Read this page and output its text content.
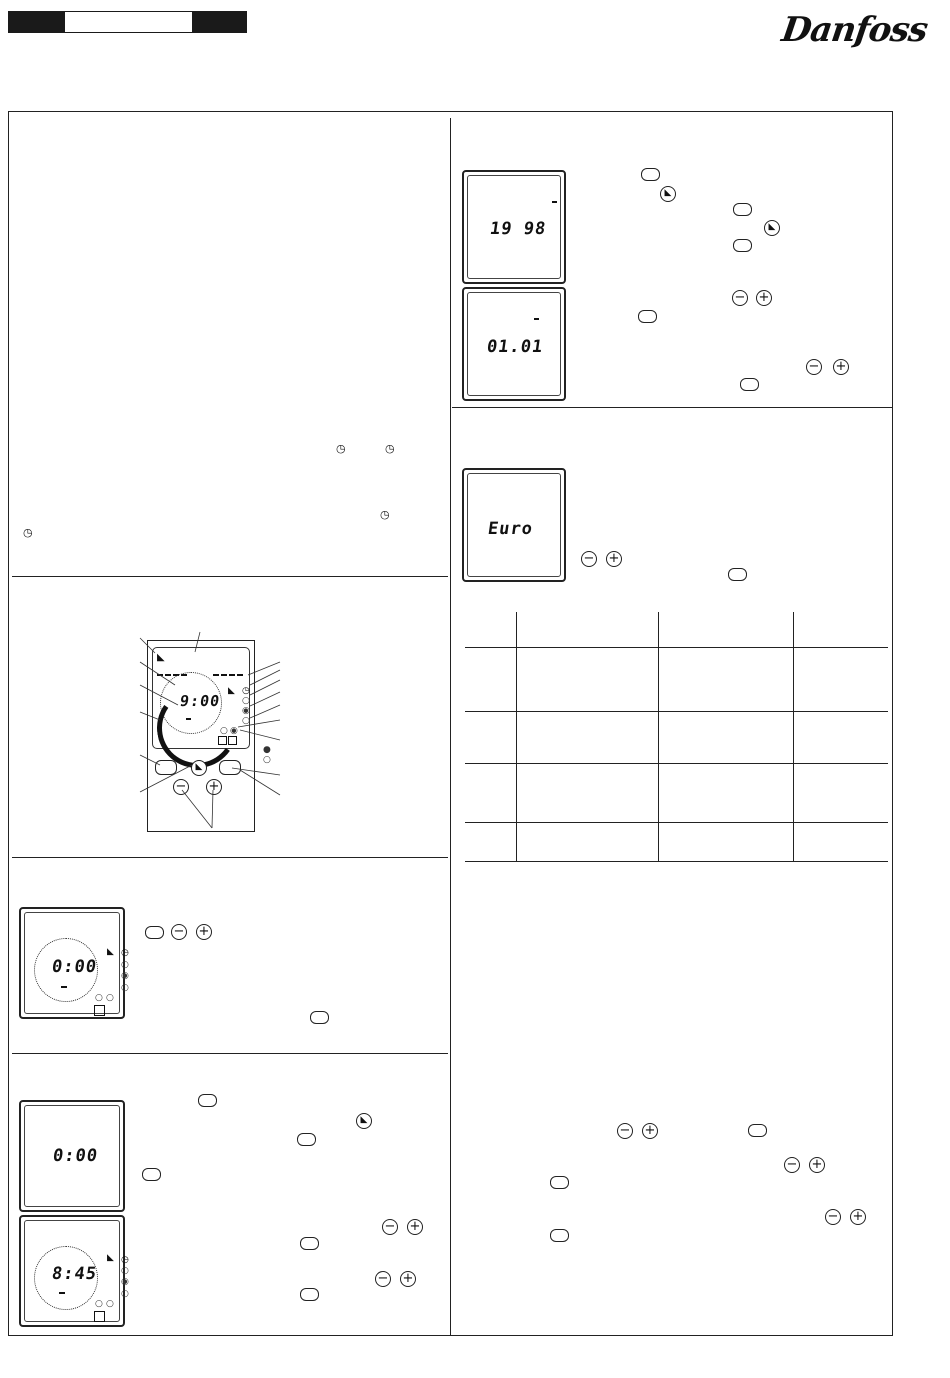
Danfoss
◷	◷
◷
◷
◣
9:00
◣ ◷
○
◉
○
○ ◉
●
○
◣
− +
0:00
◣ ◷
○
◉
○
○ ○
− +
0:00
◣
8:45
◣ ◷
○
◉
○
○ ○
− +
− +
19 98
01.01
◣
◣
− +
− +
Euro
− +
− +
− +
− +
